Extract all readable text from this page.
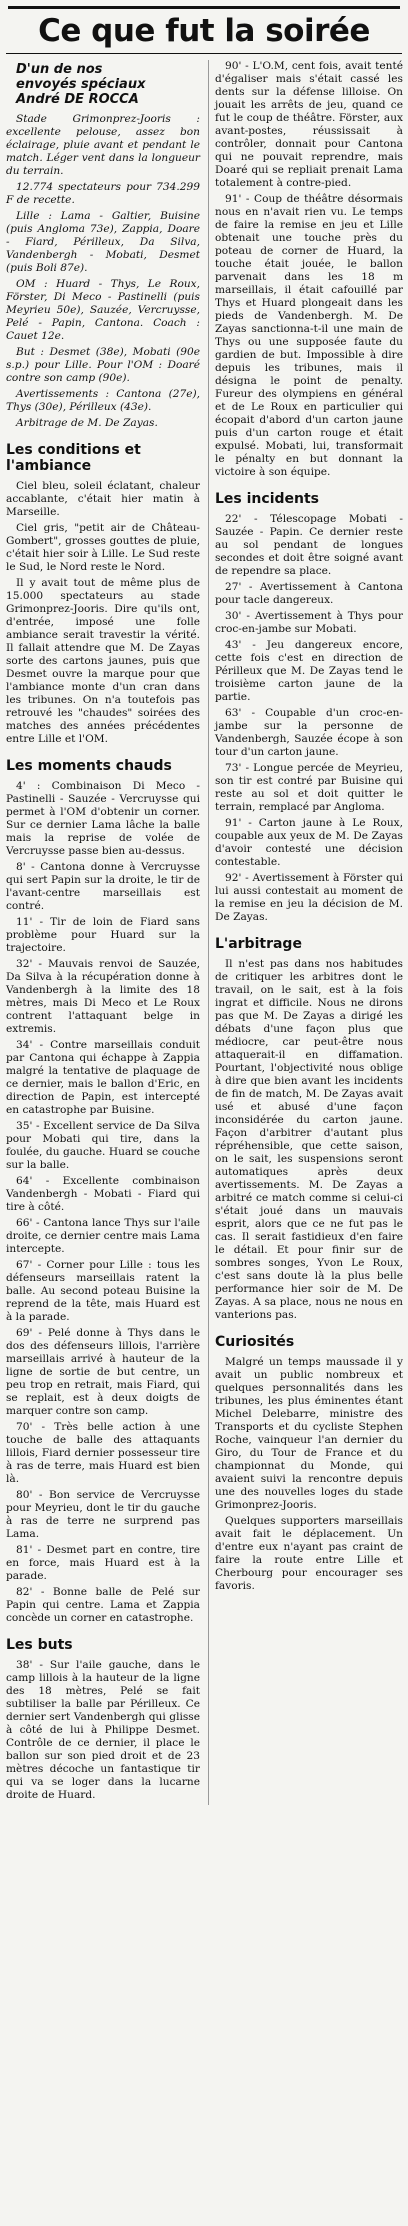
Ce que fut la soirée
D'un de nos
envoyés spéciaux
André DE ROCCA

Stade Grimonprez-Jooris : excellente pelouse, assez bon éclairage, pluie avant et pendant le match. Léger vent dans la longueur du terrain.

12.774 spectateurs pour 734.299 F de recette.

Lille : Lama - Galtier, Buisine (puis Angloma 73e), Zappia, Doare - Fiard, Périlleux, Da Silva, Vandenbergh - Mobati, Desmet (puis Boli 87e).

OM : Huard - Thys, Le Roux, Förster, Di Meco - Pastinelli (puis Meyrieu 50e), Sauzée, Vercruysse, Pelé - Papin, Cantona. Coach : Cauet 12e.

But : Desmet (38e), Mobati (90e s.p.) pour Lille. Pour l'OM : Doaré contre son camp (90e).

Avertissements : Cantona (27e), Thys (30e), Périlleux (43e).

Arbitrage de M. De Zayas.

Les conditions et l'ambiance

Ciel bleu, soleil éclatant, chaleur accablante, c'était hier matin à Marseille.

Ciel gris, "petit air de Château-Gombert", grosses gouttes de pluie, c'était hier soir à Lille. Le Sud reste le Sud, le Nord reste le Nord.

Il y avait tout de même plus de 15.000 spectateurs au stade Grimonprez-Jooris. Dire qu'ils ont, d'entrée, imposé une folle ambiance serait travestir la vérité. Il fallait attendre que M. De Zayas sorte des cartons jaunes, puis que Desmet ouvre la marque pour que l'ambiance monte d'un cran dans les tribunes. On n'a toutefois pas retrouvé les "chaudes" soirées des matches des années précédentes entre Lille et l'OM.

Les moments chauds

4' : Combinaison Di Meco - Pastinelli - Sauzée - Vercruysse qui permet à l'OM d'obtenir un corner. Sur ce dernier Lama lâche la balle mais la reprise de volée de Vercruysse passe bien au-dessus.

8' - Cantona donne à Vercruysse qui sert Papin sur la droite, le tir de l'avant-centre marseillais est contré.

11' - Tir de loin de Fiard sans problème pour Huard sur la trajectoire.

32' - Mauvais renvoi de Sauzée, Da Silva à la récupération donne à Vandenbergh à la limite des 18 mètres, mais Di Meco et Le Roux contrent l'attaquant belge in extremis.

34' - Contre marseillais conduit par Cantona qui échappe à Zappia malgré la tentative de plaquage de ce dernier, mais le ballon d'Eric, en direction de Papin, est intercepté en catastrophe par Buisine.

35' - Excellent service de Da Silva pour Mobati qui tire, dans la foulée, du gauche. Huard se couche sur la balle.

64' - Excellente combinaison Vandenbergh - Mobati - Fiard qui tire à côté.

66' - Cantona lance Thys sur l'aile droite, ce dernier centre mais Lama intercepte.

67' - Corner pour Lille : tous les défenseurs marseillais ratent la balle. Au second poteau Buisine la reprend de la tête, mais Huard est à la parade.

69' - Pelé donne à Thys dans le dos des défenseurs lillois, l'arrière marseillais arrivé à hauteur de la ligne de sortie de but centre, un peu trop en retrait, mais Fiard, qui se replait, est à deux doigts de marquer contre son camp.

70' - Très belle action à une touche de balle des attaquants lillois, Fiard dernier possesseur tire à ras de terre, mais Huard est bien là.

80' - Bon service de Vercruysse pour Meyrieu, dont le tir du gauche à ras de terre ne surprend pas Lama.

81' - Desmet part en contre, tire en force, mais Huard est à la parade.

82' - Bonne balle de Pelé sur Papin qui centre. Lama et Zappia concède un corner en catastrophe.

Les buts

38' - Sur l'aile gauche, dans le camp lillois à la hauteur de la ligne des 18 mètres, Pelé se fait subtiliser la balle par Périlleux. Ce dernier sert Vandenbergh qui glisse à côté de lui à Philippe Desmet. Contrôle de ce dernier, il place le ballon sur son pied droit et de 23 mètres décoche un fantastique tir qui va se loger dans la lucarne droite de Huard.

90' - L'O.M, cent fois, avait tenté d'égaliser mais s'était cassé les dents sur la défense lilloise. On jouait les arrêts de jeu, quand ce fut le coup de théâtre. Förster, aux avant-postes, réussissait à contrôler, donnait pour Cantona qui ne pouvait reprendre, mais Doaré qui se repliait prenait Lama totalement à contre-pied.

91' - Coup de théâtre désormais nous en n'avait rien vu. Le temps de faire la remise en jeu et Lille obtenait une touche près du poteau de corner de Huard, la touche était jouée, le ballon parvenait dans les 18 m marseillais, il était cafouillé par Thys et Huard plongeait dans les pieds de Vandenbergh. M. De Zayas sanctionna-t-il une main de Thys ou une supposée faute du gardien de but. Impossible à dire depuis les tribunes, mais il désigna le point de penalty. Fureur des olympiens en général et de Le Roux en particulier qui écopait d'abord d'un carton jaune puis d'un carton rouge et était expulsé. Mobati, lui, transformait le pénalty en but donnant la victoire à son équipe.

Les incidents

22' - Télescopage Mobati - Sauzée - Papin. Ce dernier reste au sol pendant de longues secondes et doit être soigné avant de rependre sa place.

27' - Avertissement à Cantona pour tacle dangereux.

30' - Avertissement à Thys pour croc-en-jambe sur Mobati.

43' - Jeu dangereux encore, cette fois c'est en direction de Périlleux que M. De Zayas tend le troisième carton jaune de la partie.

63' - Coupable d'un croc-en-jambe sur la personne de Vandenbergh, Sauzée écope à son tour d'un carton jaune.

73' - Longue percée de Meyrieu, son tir est contré par Buisine qui reste au sol et doit quitter le terrain, remplacé par Angloma.

91' - Carton jaune à Le Roux, coupable aux yeux de M. De Zayas d'avoir contesté une décision contestable.

92' - Avertissement à Förster qui lui aussi contestait au moment de la remise en jeu la décision de M. De Zayas.

L'arbitrage

Il n'est pas dans nos habitudes de critiquer les arbitres dont le travail, on le sait, est à la fois ingrat et difficile. Nous ne dirons pas que M. De Zayas a dirigé les débats d'une façon plus que médiocre, car peut-être nous attaquerait-il en diffamation. Pourtant, l'objectivité nous oblige à dire que bien avant les incidents de fin de match, M. De Zayas avait usé et abusé d'une façon inconsidérée du carton jaune. Façon d'arbitrer d'autant plus répréhensible, que cette saison, on le sait, les suspensions seront automatiques après deux avertissements. M. De Zayas a arbitré ce match comme si celui-ci s'était joué dans un mauvais esprit, alors que ce ne fut pas le cas. Il serait fastidieux d'en faire le détail. Et pour finir sur de sombres songes, Yvon Le Roux, c'est sans doute là la plus belle performance hier soir de M. De Zayas. A sa place, nous ne nous en vanterions pas.

Curiosités

Malgré un temps maussade il y avait un public nombreux et quelques personnalités dans les tribunes, les plus éminentes étant Michel Delebarre, ministre des Transports et du cycliste Stephen Roche, vainqueur l'an dernier du Giro, du Tour de France et du championnat du Monde, qui avaient suivi la rencontre depuis une des nouvelles loges du stade Grimonprez-Jooris.

Quelques supporters marseillais avait fait le déplacement. Un d'entre eux n'ayant pas craint de faire la route entre Lille et Cherbourg pour encourager ses favoris.
